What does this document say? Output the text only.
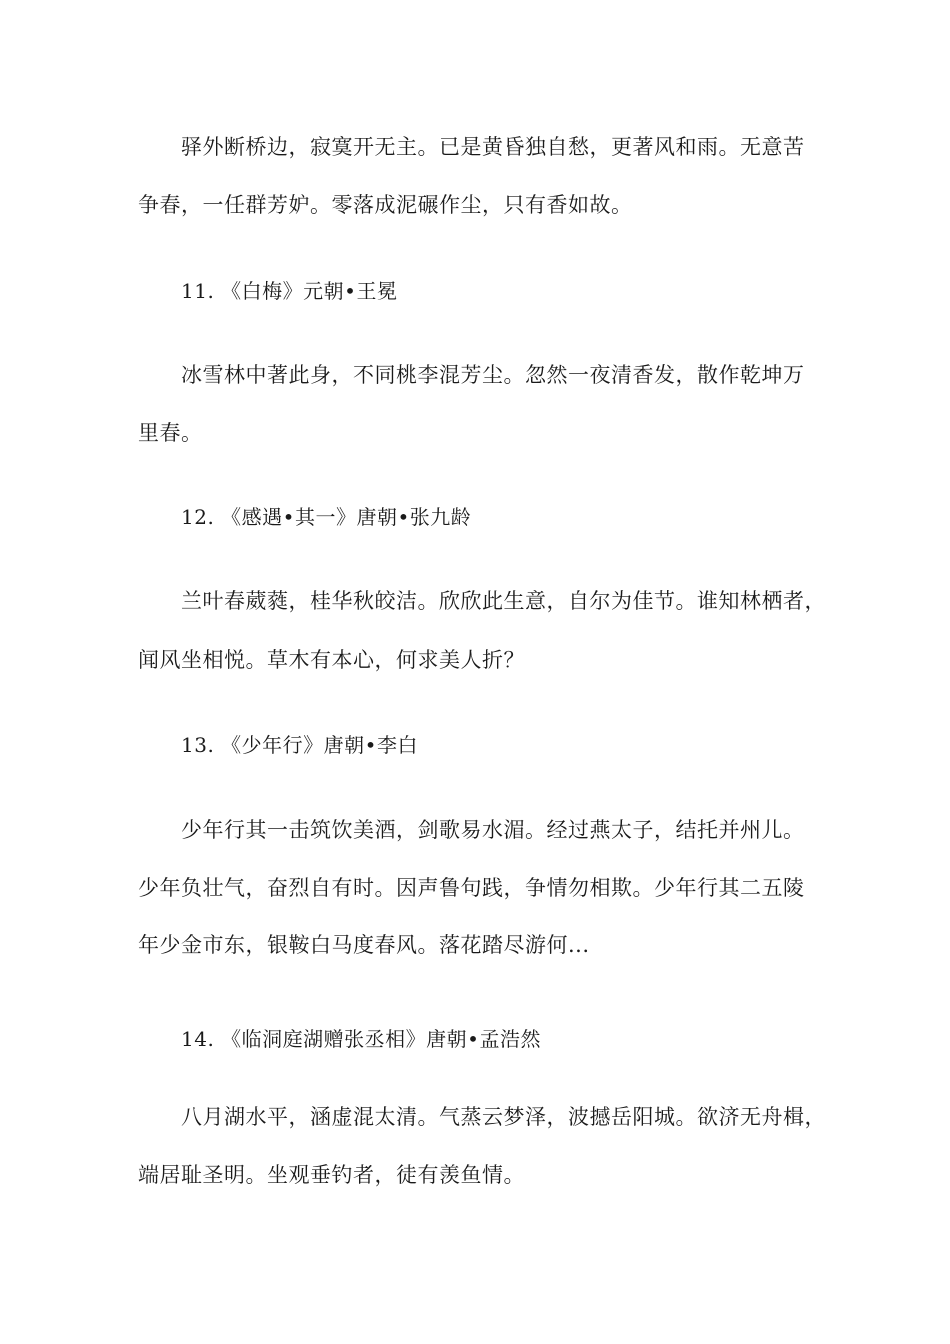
驿外断桥边，寂寞开无主。已是黄昏独自愁，更著风和雨。无意苦
争春，一任群芳妒。零落成泥碾作尘，只有香如故。
11. 《白梅》元朝•王冕
冰雪林中著此身，不同桃李混芳尘。忽然一夜清香发，散作乾坤万
里春。
12. 《感遇•其一》唐朝•张九龄
兰叶春葳蕤，桂华秋皎洁。欣欣此生意，自尔为佳节。谁知林栖者，
闻风坐相悦。草木有本心，何求美人折？
13. 《少年行》唐朝•李白
少年行其一击筑饮美酒，剑歌易水湄。经过燕太子，结托并州儿。
少年负壮气，奋烈自有时。因声鲁句践，争情勿相欺。少年行其二五陵
年少金市东，银鞍白马度春风。落花踏尽游何...
14. 《临洞庭湖赠张丞相》唐朝•孟浩然
八月湖水平，涵虚混太清。气蒸云梦泽，波撼岳阳城。欲济无舟楫，
端居耻圣明。坐观垂钓者，徒有羡鱼情。
